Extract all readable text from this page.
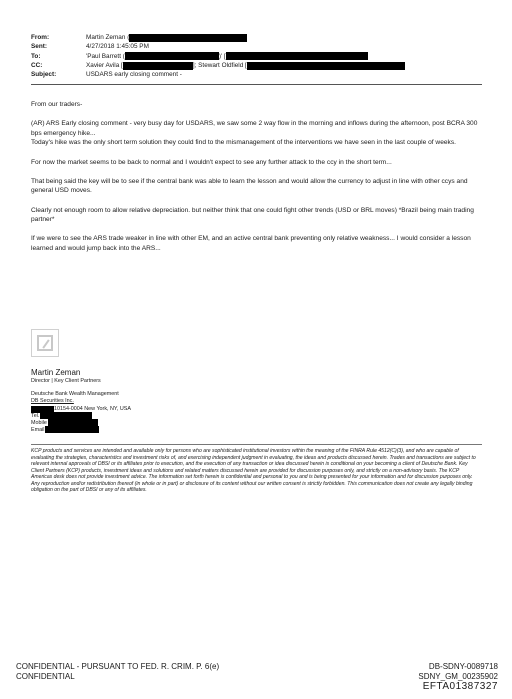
From:	Martin Zeman (
Sent:	4/27/2018 1:45:05 PM
To:	'Paul Barrett (	)' [
CC:	Xavier Avila [	]; Stewart Oldfield [
Subject:	USDARS early closing comment -

From our traders-

(AR) ARS Early closing comment - very busy day for USDARS, we saw some 2 way flow in the morning and inflows during the afternoon, post BCRA 300 bps emergency hike...
Today's hike was the only short term solution they could find to the mismanagement of the interventions we have seen in the last couple of weeks.

For now the market seems to be back to normal and I wouldn't expect to see any further attack to the ccy in the short term...

That being said the key will be to see if the central bank was able to learn the lesson and would allow the currency to adjust in line with other ccys and general USD moves.

Clearly not enough room to allow relative depreciation. but neither think that one could fight other trends (USD or BRL moves) *Brazil being main trading partner*

If we were to see the ARS trade weaker in line with other EM, and an active central bank preventing only relative weakness... I would consider a lesson learned and would jump back into the ARS...

Martin Zeman
Director | Key Client Partners
Deutsche Bank Wealth Management
DB Securities Inc.
10154-0004 New York, NY, USA
Tel.
Mobile
Email
KCP products and services are intended and available only for persons who are sophisticated institutional investors within the meaning of the FINRA Rule 4512(C)(3), and who are capable of evaluating the strategies, characteristics and investment risks of, and exercising independent judgment in evaluating, the ideas and products discussed herein. Trades and transactions are subject to relevant internal approvals of DBSI or its affiliates prior to execution, and the execution of any transaction or idea discussed herein is conditional on your becoming a client of Deutsche Bank. Key Client Partners (KCP) products, investment ideas and solutions and related matters discussed herein are provided for discussion purposes only, and strictly on a non-advisory basis. The KCP Americas desk does not provide investment advice. The information set forth herein is confidential and personal to you and is being presented for your information and for discussion purposes only. Any reproduction and/or redistribution thereof (in whole or in part) or disclosure of its content without our written consent is strictly forbidden. This communication does not create any legally binding obligation on the part of DBSI or any of its affiliates.
CONFIDENTIAL - PURSUANT TO FED. R. CRIM. P. 6(e)
CONFIDENTIAL
DB-SDNY-0089718
SDNY_GM_00235902
EFTA01387327
